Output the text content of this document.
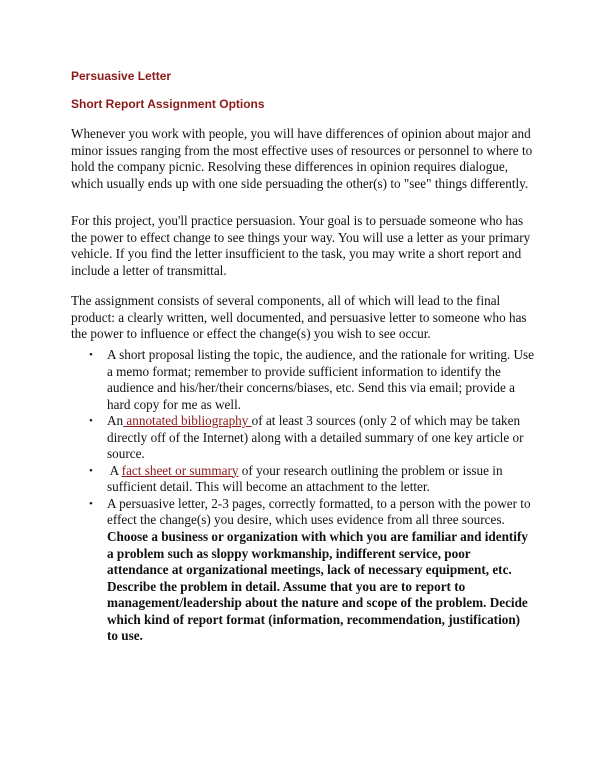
Persuasive Letter
Short Report Assignment Options

Whenever you work with people, you will have differences of opinion about major and minor issues ranging from the most effective uses of resources or personnel to where to hold the company picnic. Resolving these differences in opinion requires dialogue, which usually ends up with one side persuading the other(s) to "see" things differently.

For this project, you'll practice persuasion. Your goal is to persuade someone who has the power to effect change to see things your way. You will use a letter as your primary vehicle. If you find the letter insufficient to the task, you may write a short report and include a letter of transmittal.

The assignment consists of several components, all of which will lead to the final product: a clearly written, well documented, and persuasive letter to someone who has the power to influence or effect the change(s) you wish to see occur.

• A short proposal listing the topic, the audience, and the rationale for writing. Use a memo format; remember to provide sufficient information to identify the audience and his/her/their concerns/biases, etc. Send this via email; provide a hard copy for me as well.
• An annotated bibliography of at least 3 sources (only 2 of which may be taken directly off of the Internet) along with a detailed summary of one key article or source.
• A fact sheet or summary of your research outlining the problem or issue in sufficient detail. This will become an attachment to the letter.
• A persuasive letter, 2-3 pages, correctly formatted, to a person with the power to effect the change(s) you desire, which uses evidence from all three sources.

Choose a business or organization with which you are familiar and identify a problem such as sloppy workmanship, indifferent service, poor attendance at organizational meetings, lack of necessary equipment, etc. Describe the problem in detail. Assume that you are to report to management/leadership about the nature and scope of the problem. Decide which kind of report format (information, recommendation, justification) to use.
